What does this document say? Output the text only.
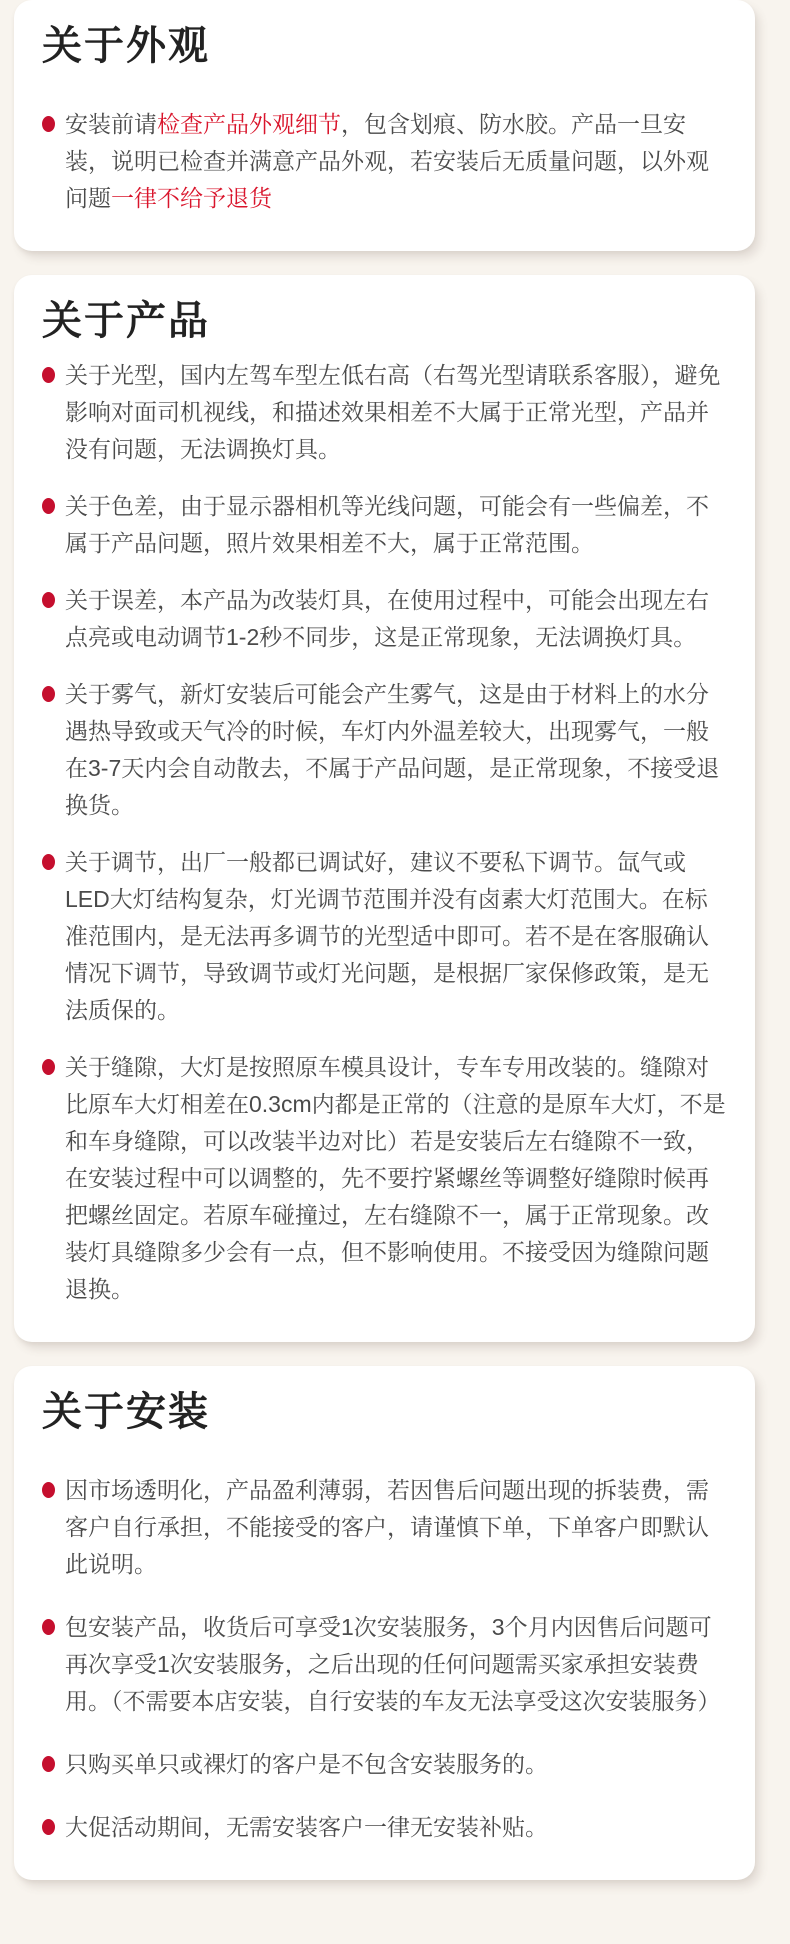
关于外观

安装前请检查产品外观细节，包含划痕、防水胶。产品一旦安装，说明已检查并满意产品外观，若安装后无质量问题，以外观问题一律不给予退货

关于产品

关于光型，国内左驾车型左低右高（右驾光型请联系客服），避免影响对面司机视线，和描述效果相差不大属于正常光型，产品并没有问题，无法调换灯具。

关于色差，由于显示器相机等光线问题，可能会有一些偏差，不属于产品问题，照片效果相差不大，属于正常范围。

关于误差，本产品为改装灯具，在使用过程中，可能会出现左右点亮或电动调节1-2秒不同步，这是正常现象，无法调换灯具。

关于雾气，新灯安装后可能会产生雾气，这是由于材料上的水分遇热导致或天气冷的时候，车灯内外温差较大，出现雾气，一般在3-7天内会自动散去，不属于产品问题，是正常现象，不接受退换货。

关于调节，出厂一般都已调试好，建议不要私下调节。氙气或LED大灯结构复杂，灯光调节范围并没有卤素大灯范围大。在标准范围内，是无法再多调节的光型适中即可。若不是在客服确认情况下调节，导致调节或灯光问题，是根据厂家保修政策，是无法质保的。

关于缝隙，大灯是按照原车模具设计，专车专用改装的。缝隙对比原车大灯相差在0.3cm内都是正常的（注意的是原车大灯，不是和车身缝隙，可以改装半边对比）若是安装后左右缝隙不一致，在安装过程中可以调整的，先不要拧紧螺丝等调整好缝隙时候再把螺丝固定。若原车碰撞过，左右缝隙不一，属于正常现象。改装灯具缝隙多少会有一点，但不影响使用。不接受因为缝隙问题退换。

关于安装

因市场透明化，产品盈利薄弱，若因售后问题出现的拆装费，需客户自行承担，不能接受的客户，请谨慎下单，下单客户即默认此说明。

包安装产品，收货后可享受1次安装服务，3个月内因售后问题可再次享受1次安装服务，之后出现的任何问题需买家承担安装费用。（不需要本店安装，自行安装的车友无法享受这次安装服务）

只购买单只或裸灯的客户是不包含安装服务的。

大促活动期间，无需安装客户一律无安装补贴。
